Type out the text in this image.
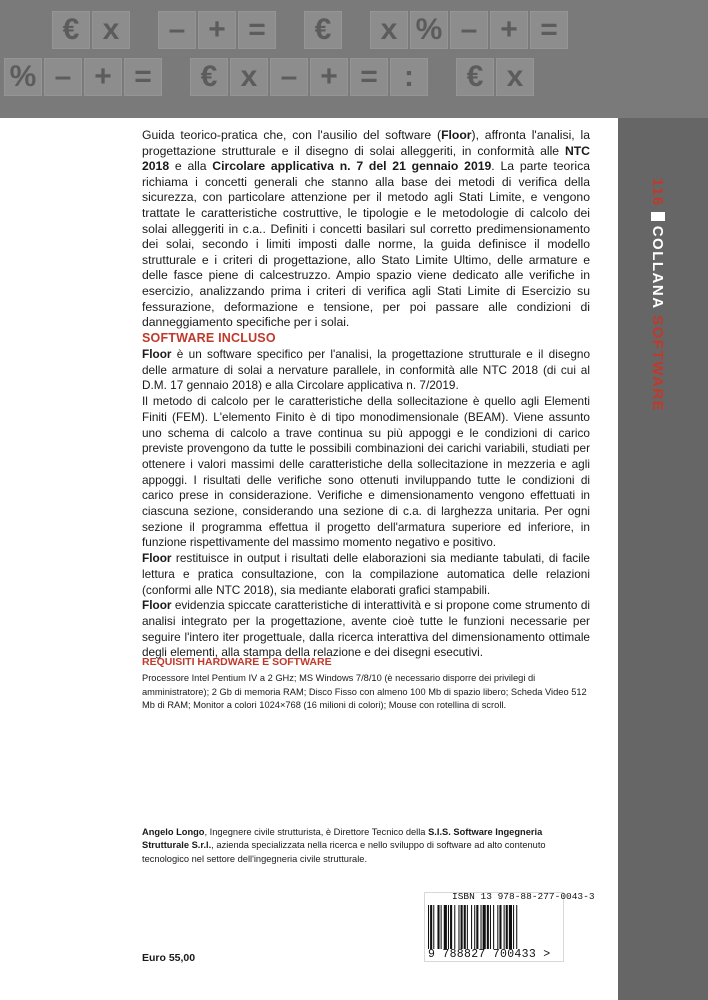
€ x – + = € x % – + =
% – + = € x – + = : € x
116COLLANA SOFTWARE

Guida teorico-pratica che, con l'ausilio del software (Floor), affronta l'analisi, la progettazione strutturale e il disegno di solai alleggeriti, in conformità alle NTC 2018 e alla Circolare applicativa n. 7 del 21 gennaio 2019. La parte teorica richiama i concetti generali che stanno alla base dei metodi di verifica della sicurezza, con particolare attenzione per il metodo agli Stati Limite, e vengono trattate le caratteristiche costruttive, le tipologie e le metodologie di calcolo dei solai alleggeriti in c.a.. Definiti i concetti basilari sul corretto predimensionamento dei solai, secondo i limiti imposti dalle norme, la guida definisce il modello strutturale e i criteri di progettazione, allo Stato Limite Ultimo, delle armature e delle fasce piene di calcestruzzo. Ampio spazio viene dedicato alle verifiche in esercizio, analizzando prima i criteri di verifica agli Stati Limite di Esercizio su fessurazione, deformazione e tensione, per poi passare alle condizioni di danneggiamento specifiche per i solai.

SOFTWARE INCLUSO

Floor è un software specifico per l'analisi, la progettazione strutturale e il disegno delle armature di solai a nervature parallele, in conformità alle NTC 2018 (di cui al D.M. 17 gennaio 2018) e alla Circolare applicativa n. 7/2019.

Il metodo di calcolo per le caratteristiche della sollecitazione è quello agli Elementi Finiti (FEM). L'elemento Finito è di tipo monodimensionale (BEAM). Viene assunto uno schema di calcolo a trave continua su più appoggi e le condizioni di carico previste provengono da tutte le possibili combinazioni dei carichi variabili, studiati per ottenere i valori massimi delle caratteristiche della sollecitazione in mezzeria e agli appoggi. I risultati delle verifiche sono ottenuti inviluppando tutte le condizioni di carico prese in considerazione. Verifiche e dimensionamento vengono effettuati in ciascuna sezione, considerando una sezione di c.a. di larghezza unitaria. Per ogni sezione il programma effettua il progetto dell'armatura superiore ed inferiore, in funzione rispettivamente del massimo momento negativo e positivo.

Floor restituisce in output i risultati delle elaborazioni sia mediante tabulati, di facile lettura e pratica consultazione, con la compilazione automatica delle relazioni (conformi alle NTC 2018), sia mediante elaborati grafici stampabili.

Floor evidenzia spiccate caratteristiche di interattività e si propone come strumento di analisi integrato per la progettazione, avente cioè tutte le funzioni necessarie per seguire l'intero iter progettuale, dalla ricerca interattiva del dimensionamento ottimale degli elementi, alla stampa della relazione e dei disegni esecutivi.

REQUISITI HARDWARE E SOFTWARE

Processore Intel Pentium IV a 2 GHz; MS Windows 7/8/10 (è necessario disporre dei privilegi di amministratore); 2 Gb di memoria RAM; Disco Fisso con almeno 100 Mb di spazio libero; Scheda Video 512 Mb di RAM; Monitor a colori 1024×768 (16 milioni di colori); Mouse con rotellina di scroll.

Angelo Longo, Ingegnere civile strutturista, è Direttore Tecnico della S.I.S. Software Ingegneria Strutturale S.r.l., azienda specializzata nella ricerca e nello sviluppo di software ad alto contenuto tecnologico nel settore dell'ingegneria civile strutturale.

ISBN 13 978-88-277-0043-3
9 788827 700433 >
Euro 55,00
